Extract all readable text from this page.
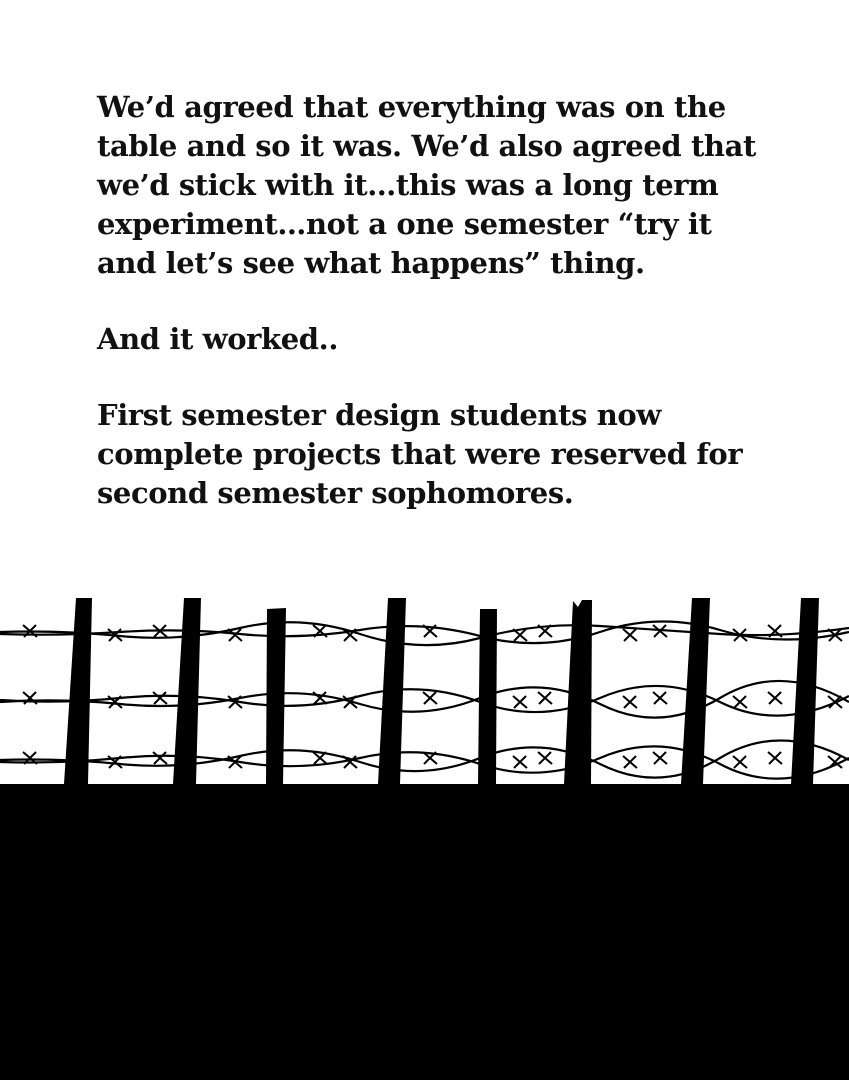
We’d agreed that everything was on the
table and so it was. We’d also agreed that
we’d stick with it…this was a long term
experiment…not a one semester “try it
and let’s see what happens” thing.

And it worked..

First semester design students now
complete projects that were reserved for
second semester sophomores.
